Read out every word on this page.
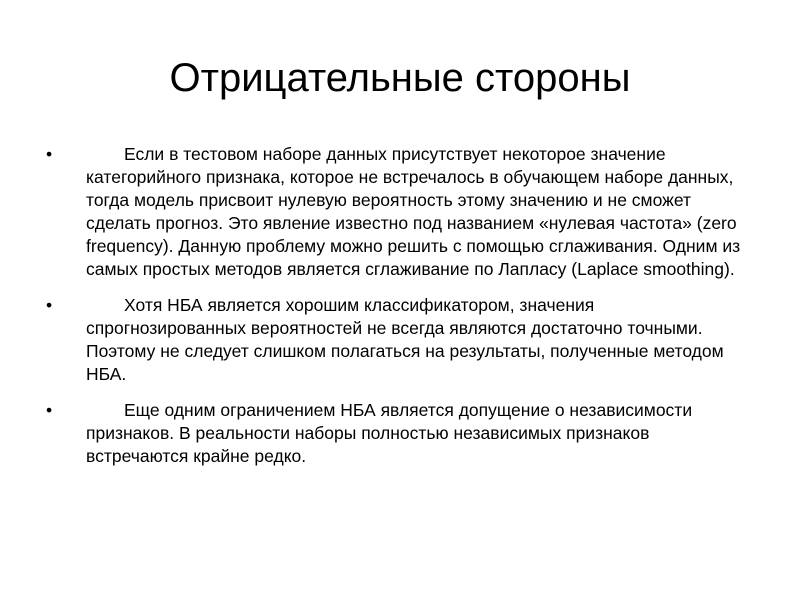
Отрицательные стороны
•	Если в тестовом наборе данных присутствует некоторое значение категорийного признака, которое не встречалось в обучающем наборе данных, тогда модель присвоит нулевую вероятность этому значению и не сможет сделать прогноз. Это явление известно под названием «нулевая частота» (zero frequency). Данную проблему можно решить с помощью сглаживания. Одним из самых простых методов является сглаживание по Лапласу (Laplace smoothing).
•	Хотя НБА является хорошим классификатором, значения спрогнозированных вероятностей не всегда являются достаточно точными. Поэтому не следует слишком полагаться на результаты, полученные методом НБА.
•	Еще одним ограничением НБА является допущение о независимости признаков. В реальности наборы полностью независимых признаков встречаются крайне редко.
